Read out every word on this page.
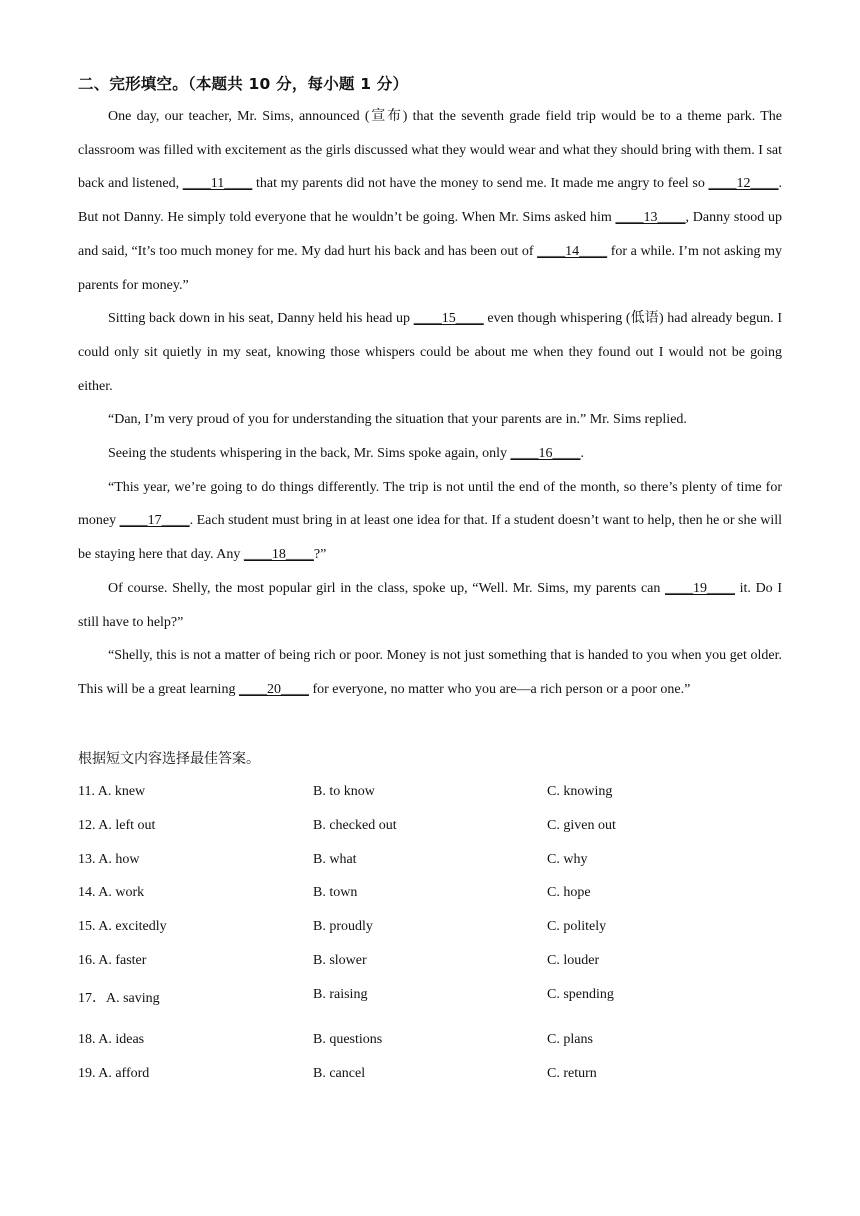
二、完形填空。（本题共 10 分，每小题 1 分）

One day, our teacher, Mr. Sims, announced (宣布) that the seventh grade field trip would be to a theme park. The classroom was filled with excitement as the girls discussed what they would wear and what they should bring with them. I sat back and listened, ____11____ that my parents did not have the money to send me. It made me angry to feel so ____12____. But not Danny. He simply told everyone that he wouldn’t be going. When Mr. Sims asked him ____13____, Danny stood up and said, “It’s too much money for me. My dad hurt his back and has been out of ____14____ for a while. I’m not asking my parents for money.”

Sitting back down in his seat, Danny held his head up ____15____ even though whispering (低语) had already begun. I could only sit quietly in my seat, knowing those whispers could be about me when they found out I would not be going either.

“Dan, I’m very proud of you for understanding the situation that your parents are in.” Mr. Sims replied.

Seeing the students whispering in the back, Mr. Sims spoke again, only ____16____.

“This year, we’re going to do things differently. The trip is not until the end of the month, so there’s plenty of time for money ____17____. Each student must bring in at least one idea for that. If a student doesn’t want to help, then he or she will be staying here that day. Any ____18____?”

Of course. Shelly, the most popular girl in the class, spoke up, “Well. Mr. Sims, my parents can ____19____ it. Do I still have to help?”

“Shelly, this is not a matter of being rich or poor. Money is not just something that is handed to you when you get older. This will be a great learning ____20____ for everyone, no matter who you are—a rich person or a poor one.”

根据短文内容选择最佳答案。
11. A. knew	B. to know	C. knowing
12. A. left out	B. checked out	C. given out
13. A. how	B. what	C. why
14. A. work	B. town	C. hope
15. A. excitedly	B. proudly	C. politely
16. A. faster	B. slower	C. louder
17．A. saving	B. raising	C. spending
18. A. ideas	B. questions	C. plans
19. A. afford	B. cancel	C. return
